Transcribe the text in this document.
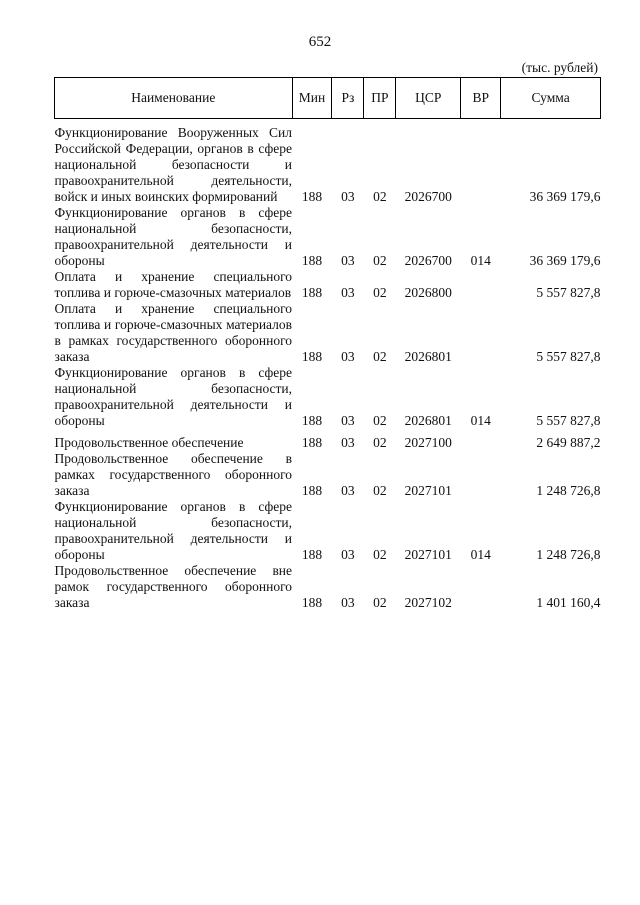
652
(тыс. рублей)
Наименование	Мин	Рз	ПР	ЦСР	ВР	Сумма
Функционирование Вооруженных Сил Российской Федерации, органов в сфере национальной безопасности и правоохранительной деятельности, войск и иных воинских формирований	188	03	02	2026700		36 369 179,6
Функционирование органов в сфере национальной безопасности, правоохранительной деятельности и обороны	188	03	02	2026700	014	36 369 179,6
Оплата и хранение специального топлива и горюче-смазочных материалов	188	03	02	2026800		5 557 827,8
Оплата и хранение специального топлива и горюче-смазочных материалов в рамках государственного оборонного заказа	188	03	02	2026801		5 557 827,8
Функционирование органов в сфере национальной безопасности, правоохранительной деятельности и обороны	188	03	02	2026801	014	5 557 827,8
Продовольственное обеспечение	188	03	02	2027100		2 649 887,2
Продовольственное обеспечение в рамках государственного оборонного заказа	188	03	02	2027101		1 248 726,8
Функционирование органов в сфере национальной безопасности, правоохранительной деятельности и обороны	188	03	02	2027101	014	1 248 726,8
Продовольственное обеспечение вне рамок государственного оборонного заказа	188	03	02	2027102		1 401 160,4
